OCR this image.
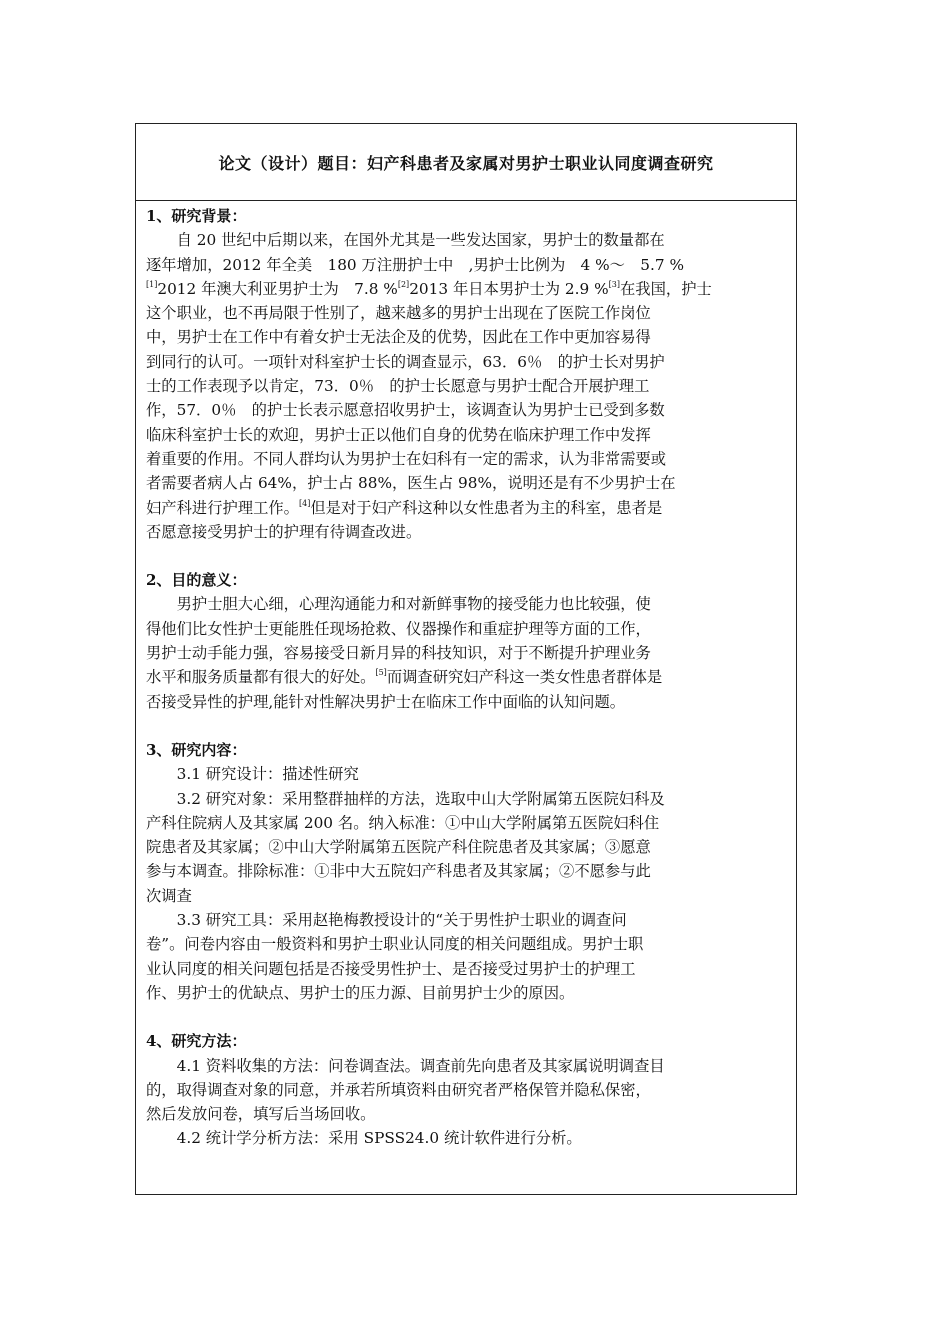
论文（设计）题目：妇产科患者及家属对男护士职业认同度调查研究
1、研究背景：
自 20 世纪中后期以来，在国外尤其是一些发达国家，男护士的数量都在
逐年增加，2012 年全美　180 万注册护士中　,男护士比例为　4 %～　5.7 %
[1]2012 年澳大利亚男护士为　7.8 %[2]2013 年日本男护士为 2.9 %[3]在我国，护士
这个职业，也不再局限于性别了，越来越多的男护士出现在了医院工作岗位
中，男护士在工作中有着女护士无法企及的优势，因此在工作中更加容易得
到同行的认可。一项针对科室护士长的调查显示，63．6％　的护士长对男护
士的工作表现予以肯定，73．0％　的护士长愿意与男护士配合开展护理工
作，57．0％　的护士长表示愿意招收男护士，该调查认为男护士已受到多数
临床科室护士长的欢迎，男护士正以他们自身的优势在临床护理工作中发挥
着重要的作用。不同人群均认为男护士在妇科有一定的需求，认为非常需要或
者需要者病人占 64%，护士占 88%，医生占 98%，说明还是有不少男护士在
妇产科进行护理工作。[4]但是对于妇产科这种以女性患者为主的科室，患者是
否愿意接受男护士的护理有待调查改进。
2、目的意义：
男护士胆大心细，心理沟通能力和对新鲜事物的接受能力也比较强，使
得他们比女性护士更能胜任现场抢救、仪器操作和重症护理等方面的工作，
男护士动手能力强，容易接受日新月异的科技知识，对于不断提升护理业务
水平和服务质量都有很大的好处。[5]而调查研究妇产科这一类女性患者群体是
否接受异性的护理,能针对性解决男护士在临床工作中面临的认知问题。
3、研究内容：
3.1 研究设计：描述性研究
3.2 研究对象：采用整群抽样的方法，选取中山大学附属第五医院妇科及
产科住院病人及其家属 200 名。纳入标准：①中山大学附属第五医院妇科住
院患者及其家属；②中山大学附属第五医院产科住院患者及其家属；③愿意
参与本调查。排除标准：①非中大五院妇产科患者及其家属；②不愿参与此
次调查
3.3 研究工具：采用赵艳梅教授设计的“关于男性护士职业的调查问
卷”。问卷内容由一般资料和男护士职业认同度的相关问题组成。男护士职
业认同度的相关问题包括是否接受男性护士、是否接受过男护士的护理工
作、男护士的优缺点、男护士的压力源、目前男护士少的原因。
4、研究方法：
4.1 资料收集的方法：问卷调查法。调查前先向患者及其家属说明调查目
的，取得调查对象的同意，并承若所填资料由研究者严格保管并隐私保密，
然后发放问卷，填写后当场回收。
4.2 统计学分析方法：采用 SPSS24.0 统计软件进行分析。
